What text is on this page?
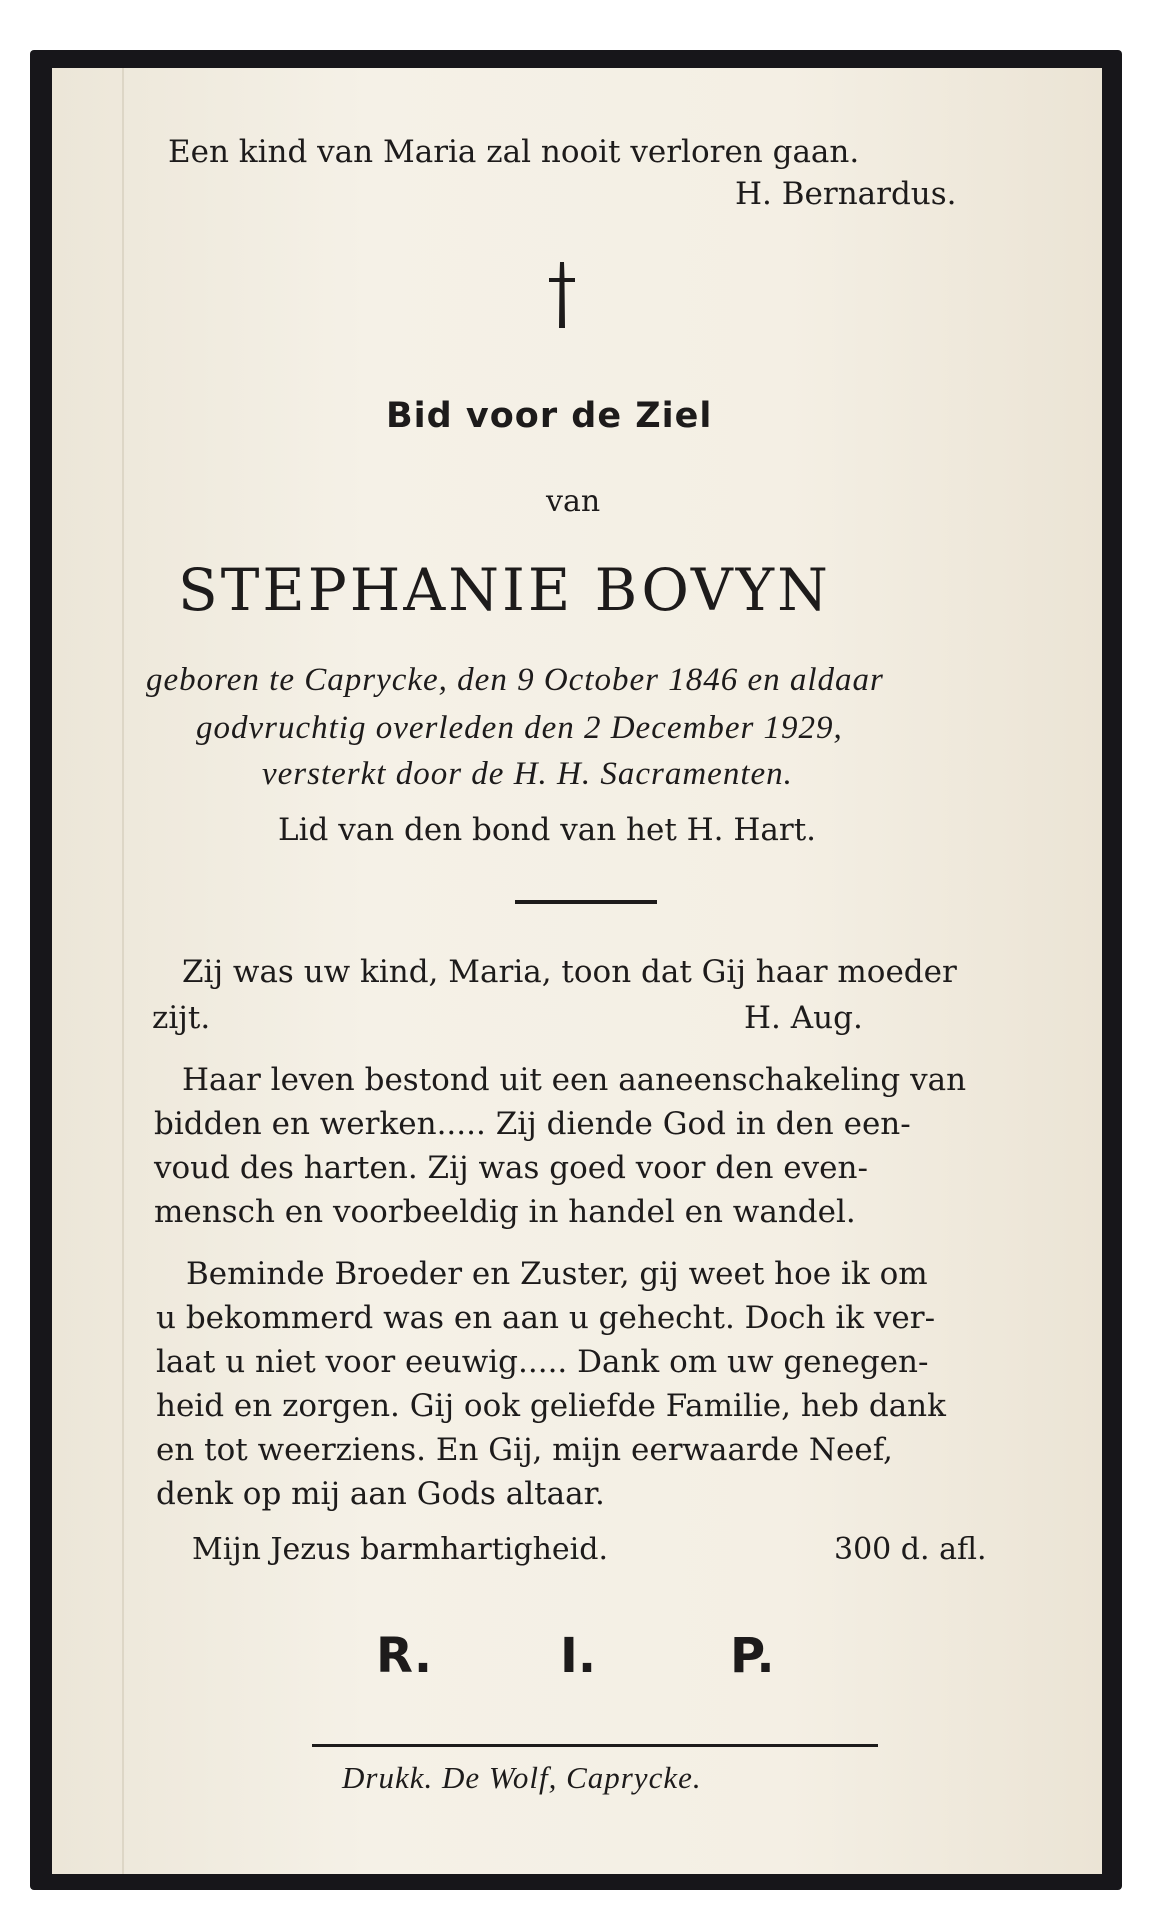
Een kind van Maria zal nooit verloren gaan.
H. Bernardus.
Bid voor de Ziel
van
STEPHANIE BOVYN
geboren te Caprycke, den 9 October 1846 en aldaar
godvruchtig overleden den 2 December 1929,
versterkt door de H. H. Sacramenten.
Lid van den bond van het H. Hart.
Zij was uw kind, Maria, toon dat Gij haar moeder
zijt.	H. Aug.
Haar leven bestond uit een aaneenschakeling van
bidden en werken..... Zij diende God in den een-
voud des harten. Zij was goed voor den even-
mensch en voorbeeldig in handel en wandel.
Beminde Broeder en Zuster, gij weet hoe ik om
u bekommerd was en aan u gehecht. Doch ik ver-
laat u niet voor eeuwig..... Dank om uw genegen-
heid en zorgen. Gij ook geliefde Familie, heb dank
en tot weerziens. En Gij, mijn eerwaarde Neef,
denk op mij aan Gods altaar.
Mijn Jezus barmhartigheid.	300 d. afl.
R.	I.	P.
Drukk. De Wolf, Caprycke.
